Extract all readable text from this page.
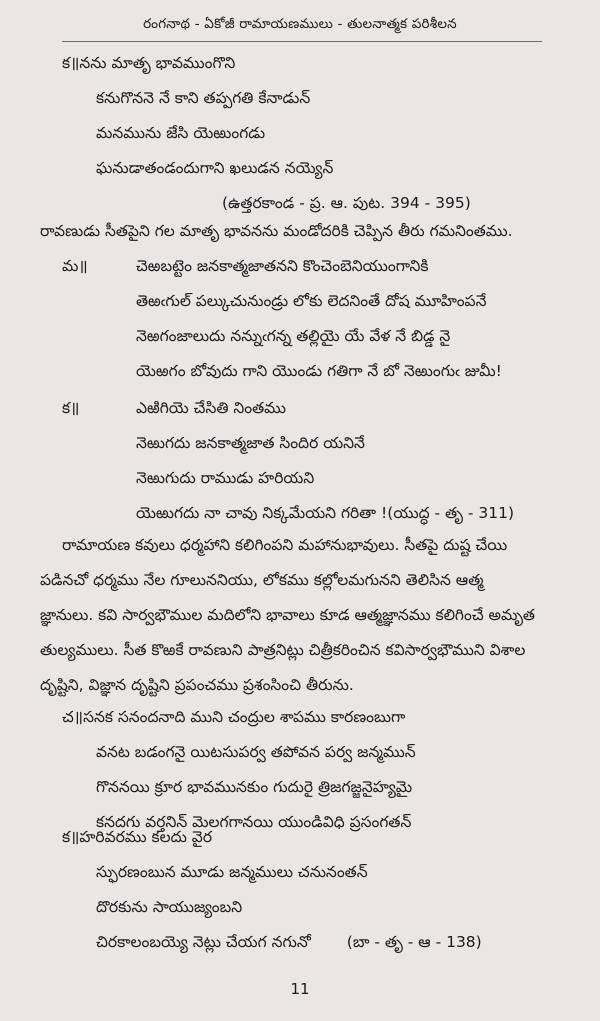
రంగనాథ - ఏకోజీ రామాయణములు - తులనాత్మక పరిశీలన
క॥నను మాతృ భావముంగొని
కనుగొననె నే కాని తప్పగతి కేనాడున్
మనమును జేసి యెఱుంగడు
ఘనుడాతండందుగాని ఖలుడన నయ్యెన్
(ఉత్తరకాండ - ప్ర. ఆ. పుట. 394 - 395)
రావణుడు సీతపైని గల మాతృ భావనను మండోదరికి చెప్పిన తీరు గమనింతము.
మ॥	చెఱబట్టెం జనకాత్మజాతనని కొంచెంబెనియుంగానికి
తెఱఁగుల్ పల్కుచునుండ్రు లోకు లెదనింతే దోష మూహింపనే
నెఱగంజాలుదు నన్నుఁగన్న తల్లియై యే వేళ నే బిడ్డ నై
యెఱగం బోవుదు గాని యొండు గతిగా నే బో నెఱుంగుఁ జుమీ!
క॥	ఎఱిగియె చేసితి నింతము
నెఱుగదు జనకాత్మజాత సిందిర యనినే
నెఱుగుదు రాముడు హరియని
యెఱుగదు నా చావు నిక్కమేయని గరితా !(యుద్ధ - తృ - 311)
రామాయణ కవులు ధర్మహాని కలిగింపని మహానుభావులు. సీతపై దుష్ట చేయి
పడినచో ధర్మము నేల గూలుననియు, లోకము కల్లోలమగునని తెలిసిన ఆత్మ
జ్ఞానులు. కవి సార్వభౌముల మదిలోని భావాలు కూడ ఆత్మజ్ఞానము కలిగించే అమృత
తుల్యములు. సీత కొఱకే రావణుని పాత్రనిట్లు చిత్రీకరించిన కవిసార్వభౌముని విశాల
దృష్టిని, విజ్ఞాన దృష్టిని ప్రపంచము ప్రశంసించి తీరును.
చ॥సనక సనందనాది ముని చంద్రుల శాపము కారణంబుగా
వనట బడంగనై యిటసుపర్వ తపోవన పర్వ జన్మమున్
గొననయి క్రూర భావమునకుం గుదురై త్రిజగజ్జనైహ్యమై
కనదగు వర్తనిన్ మెలగగానయి యుండివిధి ప్రసంగతన్
క॥హరివరము కలదు వైర
స్ఫురణంబున మూడు జన్మములు చనునంతన్
దొరకును సాయుజ్యంబని
చిరకాలంబయ్యె నెట్లు చేయగ నగునో (బా - తృ - ఆ - 138)
11
